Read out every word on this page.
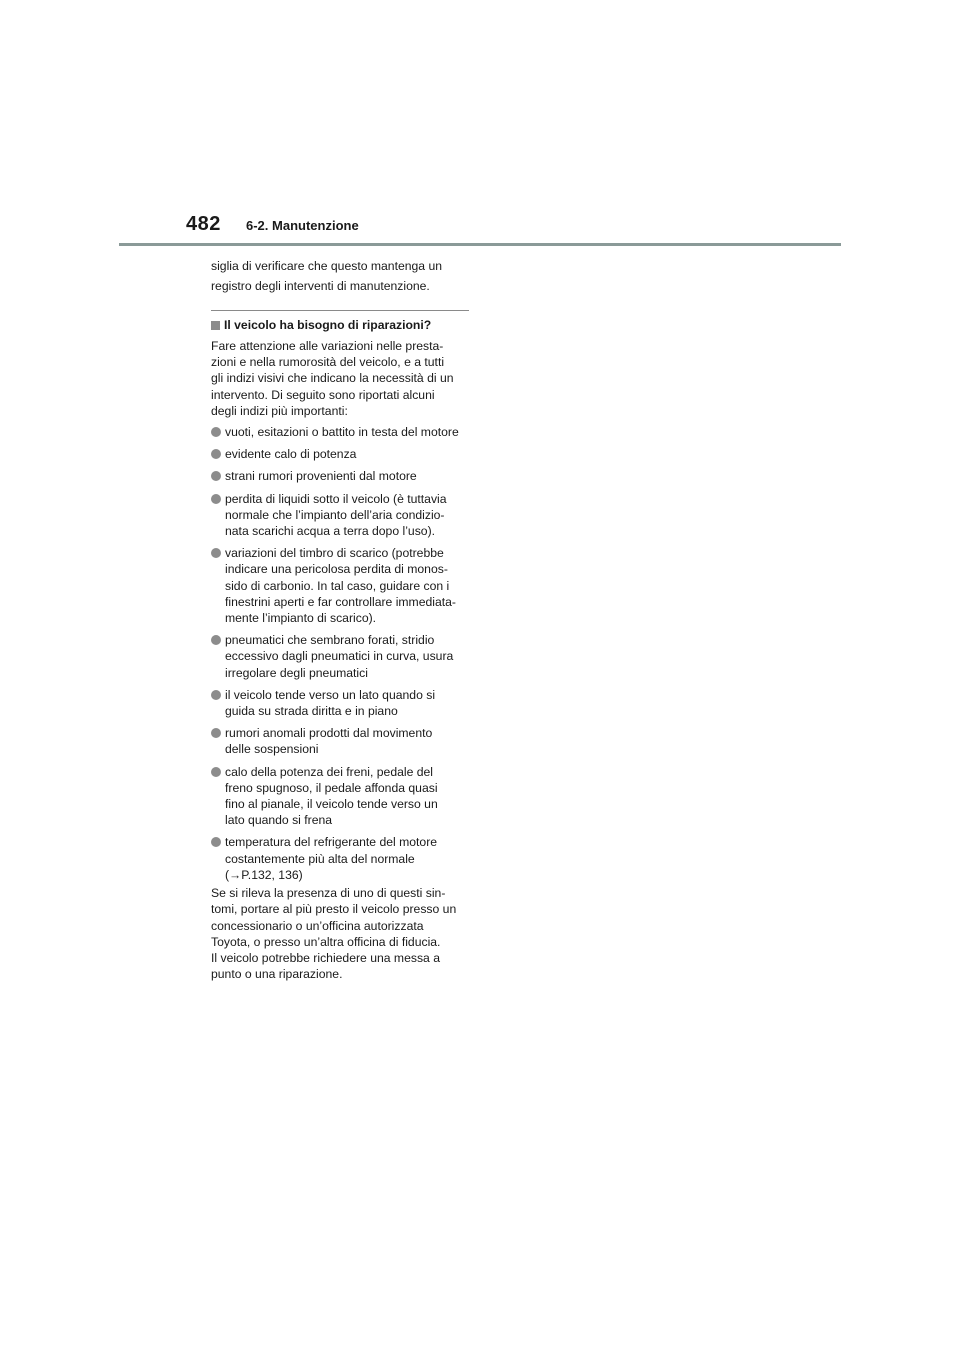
482 6-2. Manutenzione

siglia di verificare che questo mantenga un

registro degli interventi di manutenzione.

Il veicolo ha bisogno di riparazioni?

Fare attenzione alle variazioni nelle presta-

zioni e nella rumorosità del veicolo, e a tutti

gli indizi visivi che indicano la necessità di un

intervento. Di seguito sono riportati alcuni

degli indizi più importanti:

vuoti, esitazioni o battito in testa del motore

evidente calo di potenza

strani rumori provenienti dal motore

perdita di liquidi sotto il veicolo (è tuttavia

normale che l’impianto dell’aria condizio-

nata scarichi acqua a terra dopo l’uso).

variazioni del timbro di scarico (potrebbe

indicare una pericolosa perdita di monos-

sido di carbonio. In tal caso, guidare con i

finestrini aperti e far controllare immediata-

mente l’impianto di scarico).

pneumatici che sembrano forati, stridio

eccessivo dagli pneumatici in curva, usura

irregolare degli pneumatici

il veicolo tende verso un lato quando si

guida su strada diritta e in piano

rumori anomali prodotti dal movimento

delle sospensioni

calo della potenza dei freni, pedale del

freno spugnoso, il pedale affonda quasi

fino al pianale, il veicolo tende verso un

lato quando si frena

temperatura del refrigerante del motore

costantemente più alta del normale

(→P.132, 136)

Se si rileva la presenza di uno di questi sin-

tomi, portare al più presto il veicolo presso un

concessionario o un’officina autorizzata

Toyota, o presso un’altra officina di fiducia.

Il veicolo potrebbe richiedere una messa a

punto o una riparazione.
